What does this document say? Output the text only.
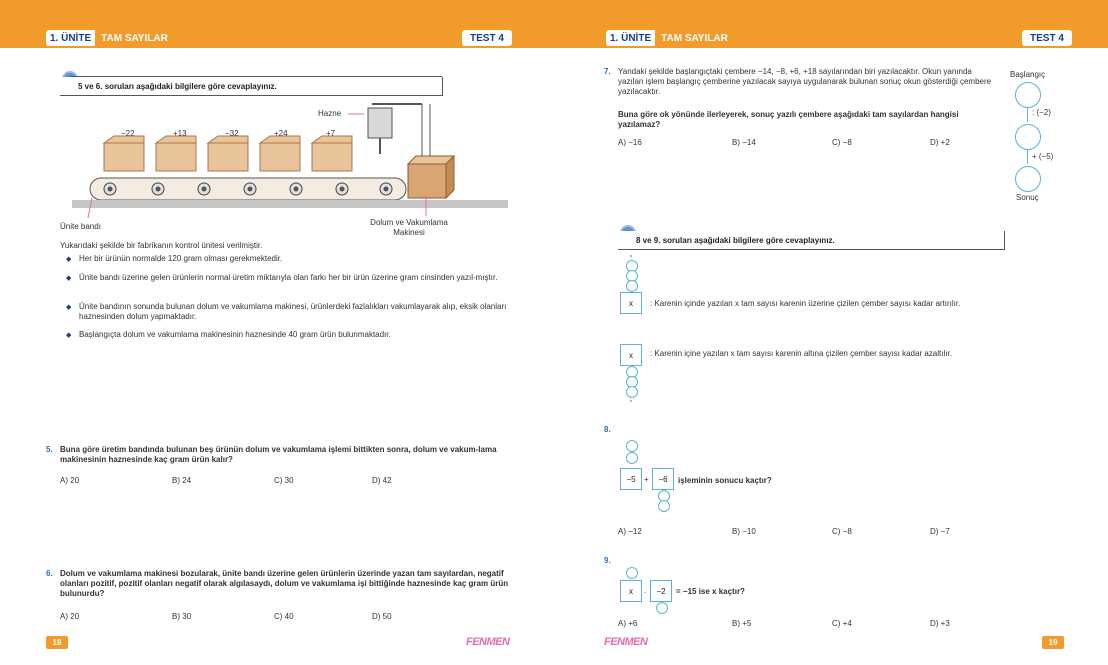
1. ÜNİTE	TAM SAYILAR	TEST 4
5 ve 6. soruları aşağıdaki bilgilere göre cevaplayınız.
Hazne
−22	+13	−32	+24	+7
Ünite bandı	Dolum ve Vakumlama Makinesi
Yukarıdaki şekilde bir fabrikanın kontrol ünitesi verilmiştir.
◆ Her bir ürünün normalde 120 gram olması gerekmektedir.
◆ Ünite bandı üzerine gelen ürünlerin normal üretim miktarıyla olan farkı her bir ürün üzerine gram cinsinden yazıl-mıştır.
◆ Ünite bandının sonunda bulunan dolum ve vakumlama makinesi, ürünlerdeki fazlalıkları vakumlayarak alıp, eksik olanları haznesinden dolum yapmaktadır.
◆ Başlangıçta dolum ve vakumlama makinesinin haznesinde 40 gram ürün bulunmaktadır.
5. Buna göre üretim bandında bulunan beş ürünün dolum ve vakumlama işlemi bittikten sonra, dolum ve vakum-lama makinesinin haznesinde kaç gram ürün kalır?
A) 20	B) 24	C) 30	D) 42
6. Dolum ve vakumlama makinesi bozularak, ünite bandı üzerine gelen ürünlerin üzerinde yazan tam sayılardan, negatif olanları pozitif, pozitif olanları negatif olarak algılasaydı, dolum ve vakumlama işi bittiğinde haznesinde kaç gram ürün bulunurdu?
A) 20	B) 30	C) 40	D) 50
18	FENMEN
1. ÜNİTE	TAM SAYILAR	TEST 4
7. Yandaki şekilde başlangıçtaki çembere −14, −8, +6, +18 sayılarından biri yazılacaktır. Okun yanında yazılan işlem başlangıç çemberine yazılacak sayıya uygulanarak bulunan sonuç okun gösterdiği çembere yazılacaktır.
Buna göre ok yönünde ilerleyerek, sonuç yazılı çembere aşağıdaki tam sayılardan hangisi yazılamaz?
A) −16	B) −14	C) −8	D) +2
Başlangıç
: (−2)
+ (−5)
Sonuç
8 ve 9. soruları aşağıdaki bilgilere göre cevaplayınız.
x	: Karenin içinde yazılan x tam sayısı karenin üzerine çizilen çember sayısı kadar artırılır.
x	: Karenin içine yazılan x tam sayısı karenin altına çizilen çember sayısı kadar azaltılır.
8.
−5	+	−6	işleminin sonucu kaçtır?
A) −12	B) −10	C) −8	D) −7
9.
x	.	−2	= −15 ise x kaçtır?
A) +6	B) +5	C) +4	D) +3
FENMEN	19
